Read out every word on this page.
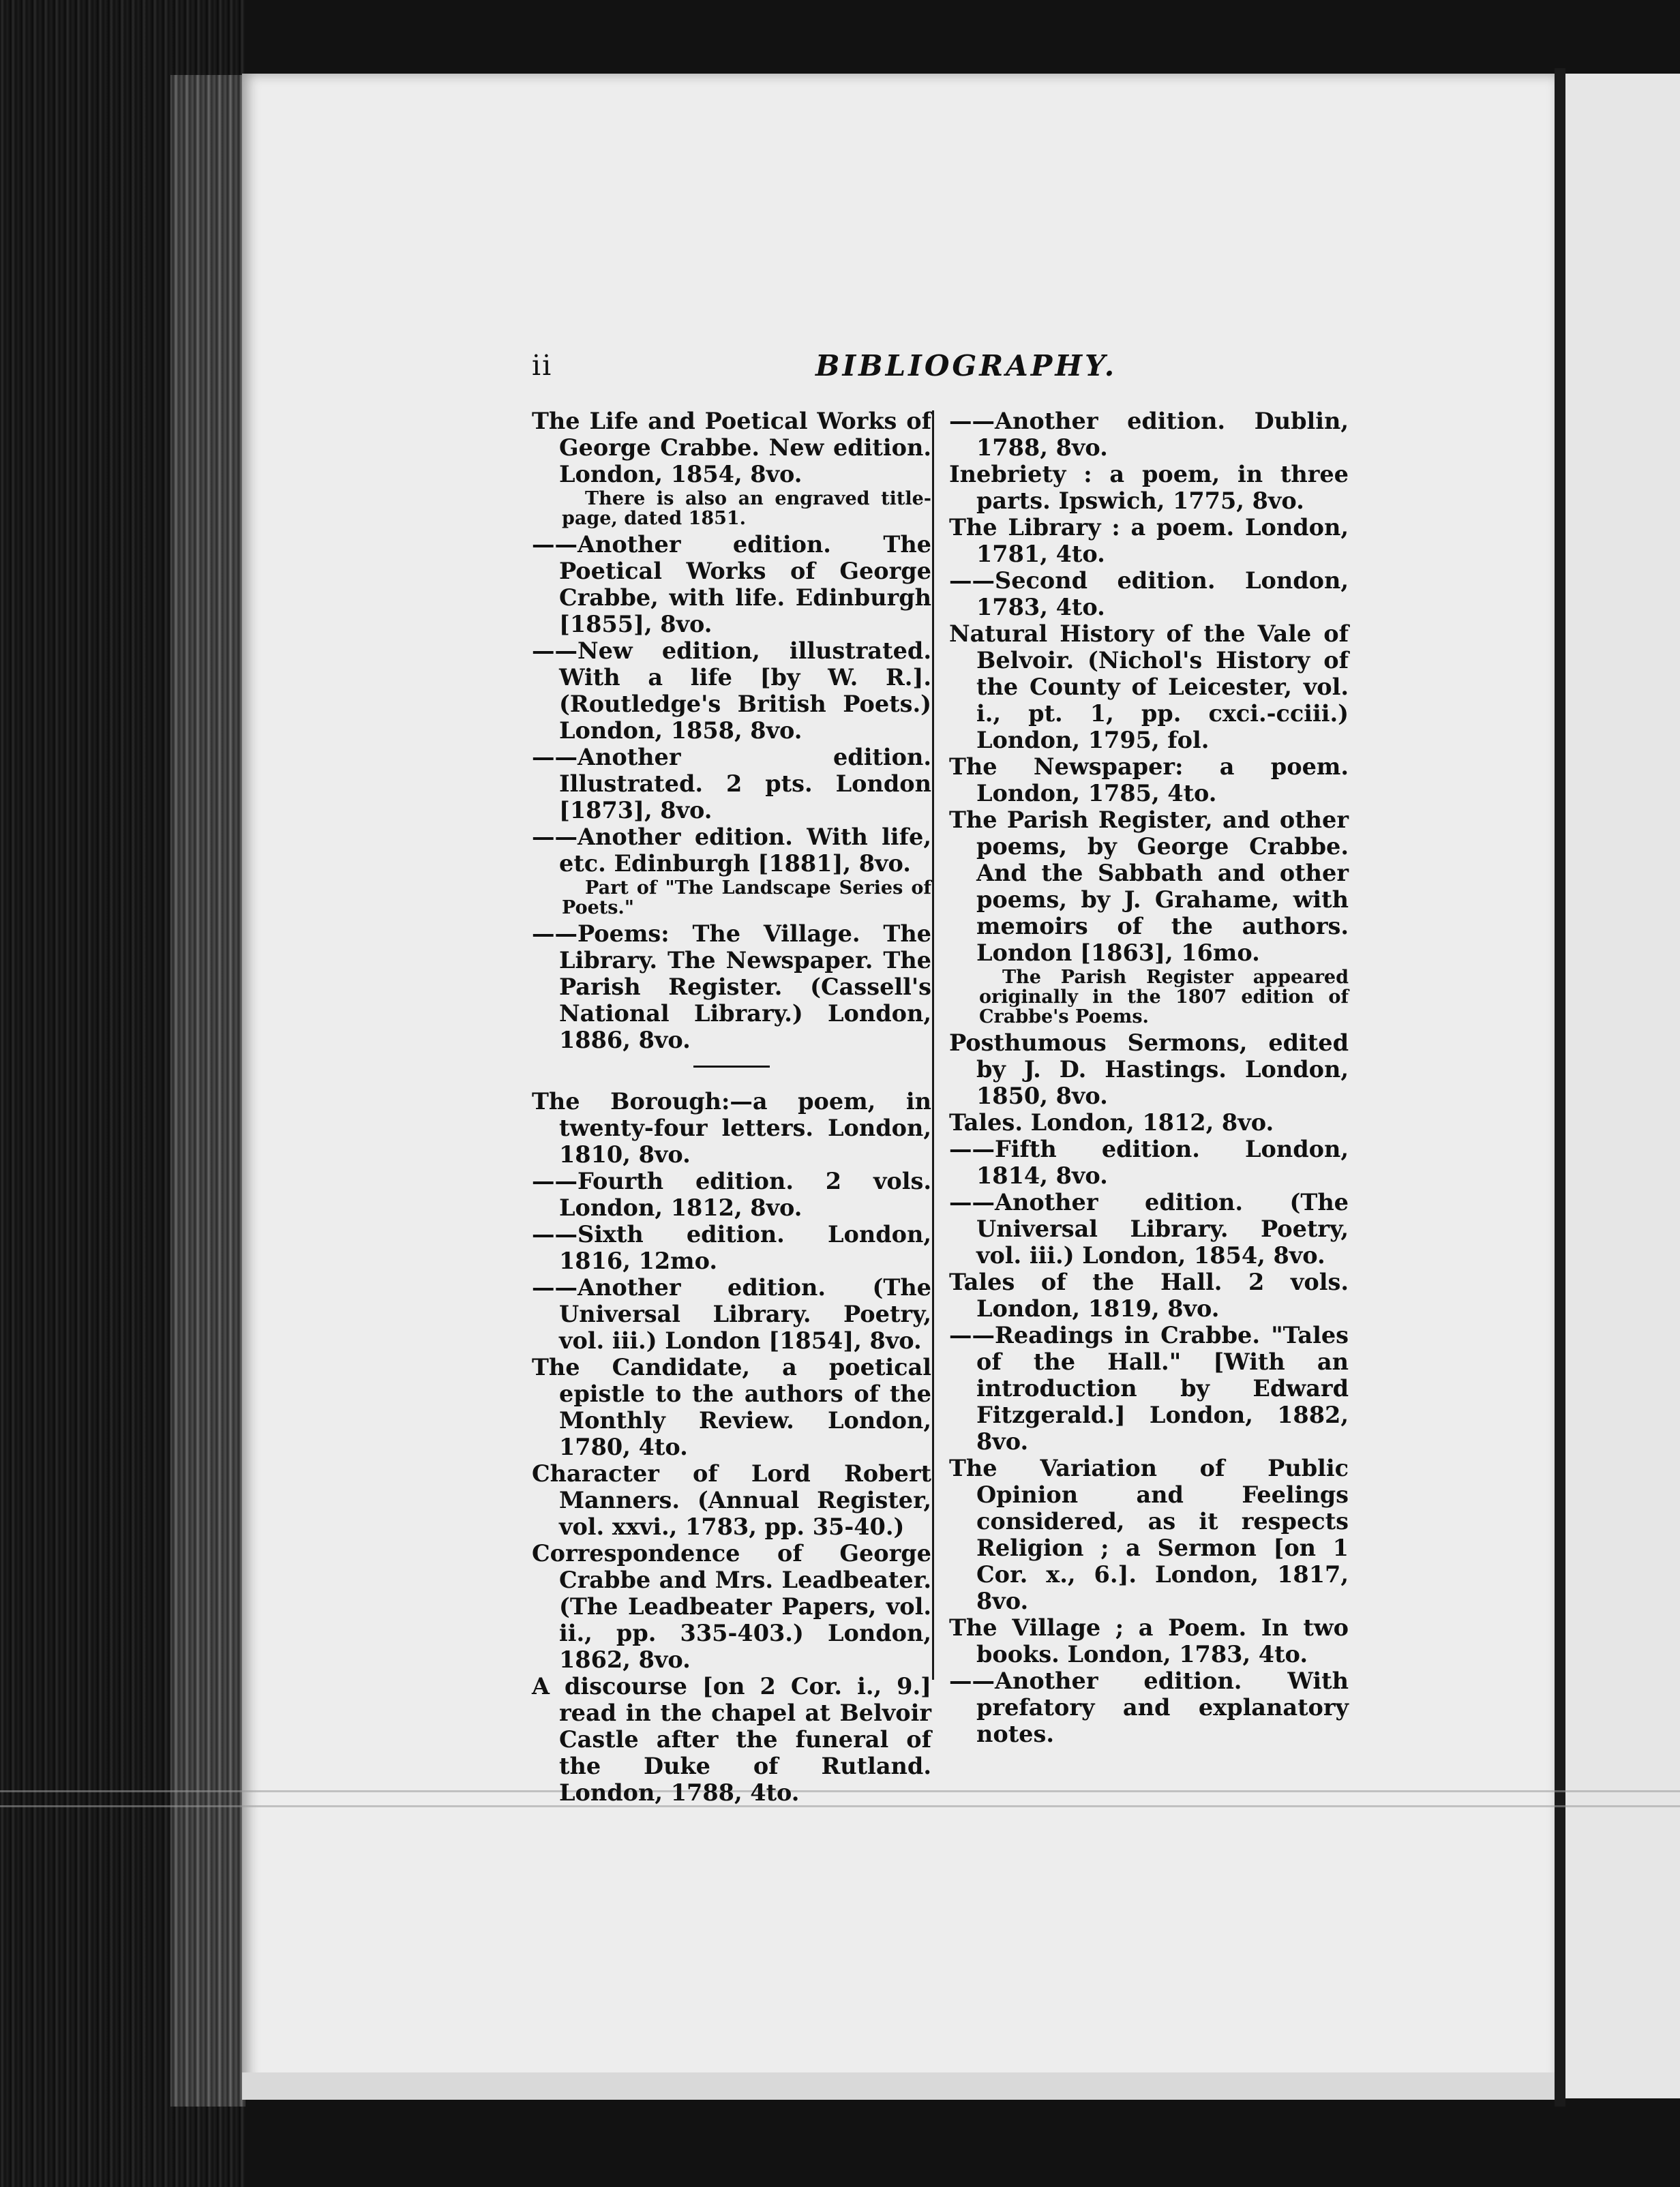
ii	BIBLIOGRAPHY.

The Life and Poetical Works of George Crabbe. New edition. London, 1854, 8vo.

There is also an engraved title-page, dated 1851.

——Another edition. The Poetical Works of George Crabbe, with life. Edinburgh [1855], 8vo.

——New edition, illustrated. With a life [by W. R.]. (Routledge's British Poets.) London, 1858, 8vo.

——Another edition. Illustrated. 2 pts. London [1873], 8vo.

——Another edition. With life, etc. Edinburgh [1881], 8vo.

Part of "The Landscape Series of Poets."

——Poems: The Village. The Library. The Newspaper. The Parish Register. (Cassell's National Library.) London, 1886, 8vo.

The Borough:—a poem, in twenty-four letters. London, 1810, 8vo.

——Fourth edition. 2 vols. London, 1812, 8vo.

——Sixth edition. London, 1816, 12mo.

——Another edition. (The Universal Library. Poetry, vol. iii.) London [1854], 8vo.

The Candidate, a poetical epistle to the authors of the Monthly Review. London, 1780, 4to.

Character of Lord Robert Manners. (Annual Register, vol. xxvi., 1783, pp. 35-40.)

Correspondence of George Crabbe and Mrs. Leadbeater. (The Leadbeater Papers, vol. ii., pp. 335-403.) London, 1862, 8vo.

A discourse [on 2 Cor. i., 9.] read in the chapel at Belvoir Castle after the funeral of the Duke of Rutland. London, 1788, 4to.

——Another edition. Dublin, 1788, 8vo.

Inebriety : a poem, in three parts. Ipswich, 1775, 8vo.

The Library : a poem. London, 1781, 4to.

——Second edition. London, 1783, 4to.

Natural History of the Vale of Belvoir. (Nichol's History of the County of Leicester, vol. i., pt. 1, pp. cxci.-cciii.) London, 1795, fol.

The Newspaper: a poem. London, 1785, 4to.

The Parish Register, and other poems, by George Crabbe. And the Sabbath and other poems, by J. Grahame, with memoirs of the authors. London [1863], 16mo.

The Parish Register appeared originally in the 1807 edition of Crabbe's Poems.

Posthumous Sermons, edited by J. D. Hastings. London, 1850, 8vo.

Tales. London, 1812, 8vo.

——Fifth edition. London, 1814, 8vo.

——Another edition. (The Universal Library. Poetry, vol. iii.) London, 1854, 8vo.

Tales of the Hall. 2 vols. London, 1819, 8vo.

——Readings in Crabbe. "Tales of the Hall." [With an introduction by Edward Fitzgerald.] London, 1882, 8vo.

The Variation of Public Opinion and Feelings considered, as it respects Religion ; a Sermon [on 1 Cor. x., 6.]. London, 1817, 8vo.

The Village ; a Poem. In two books. London, 1783, 4to.

——Another edition. With prefatory and explanatory notes.
